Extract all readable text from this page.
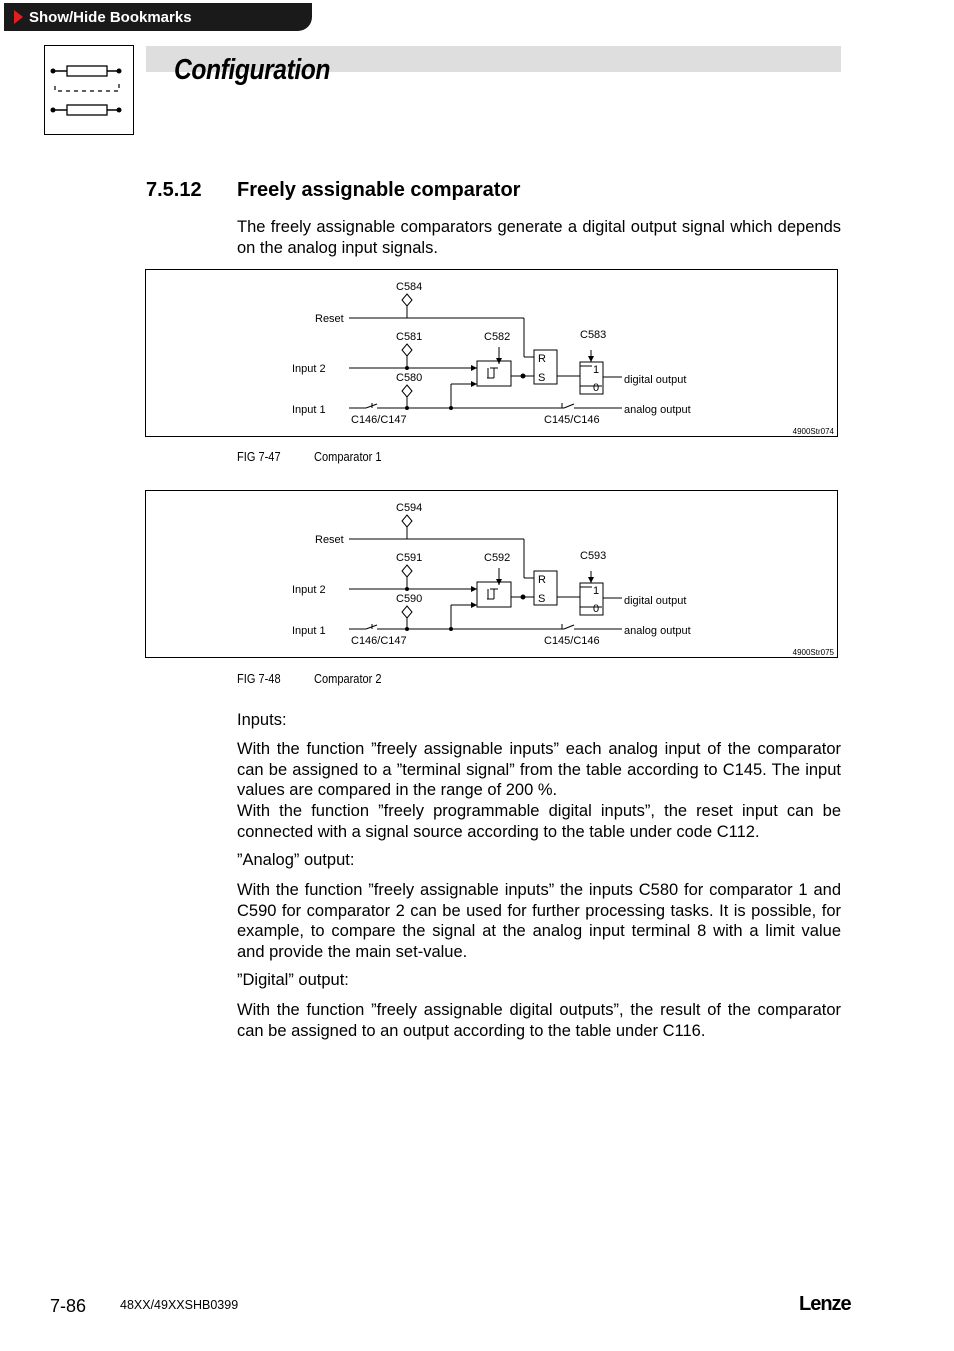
Show/Hide Bookmarks
Configuration
7.5.12 Freely assignable comparator

The freely assignable comparators generate a digital output signal which depends on the analog input signals.

C584
Reset
C581	C582	C583
Input 2
C580
Input 1
C146/C147	C145/C146
R
S
1
0
digital output
analog output
4900Str074
FIG 7-47	Comparator 1
C594
Reset
C591	C592	C593
Input 2
C590
Input 1
C146/C147	C145/C146
R
S
1
0
digital output
analog output
4900Str075
FIG 7-48	Comparator 2

Inputs:

With the function ”freely assignable inputs” each analog input of the comparator can be assigned to a ”terminal signal” from the table according to C145. The input values are compared in the range of 200 %.

With the function ”freely programmable digital inputs”, the reset input can be connected with a signal source according to the table under code C112.

”Analog” output:

With the function ”freely assignable inputs” the inputs C580 for comparator 1 and C590 for comparator 2 can be used for further processing tasks. It is possible, for example, to compare the signal at the analog input terminal 8 with a limit value and provide the main set-value.

”Digital” output:

With the function ”freely assignable digital outputs”, the result of the comparator can be assigned to an output according to the table under C116.

7-86	48XX/49XXSHB0399	Lenze
